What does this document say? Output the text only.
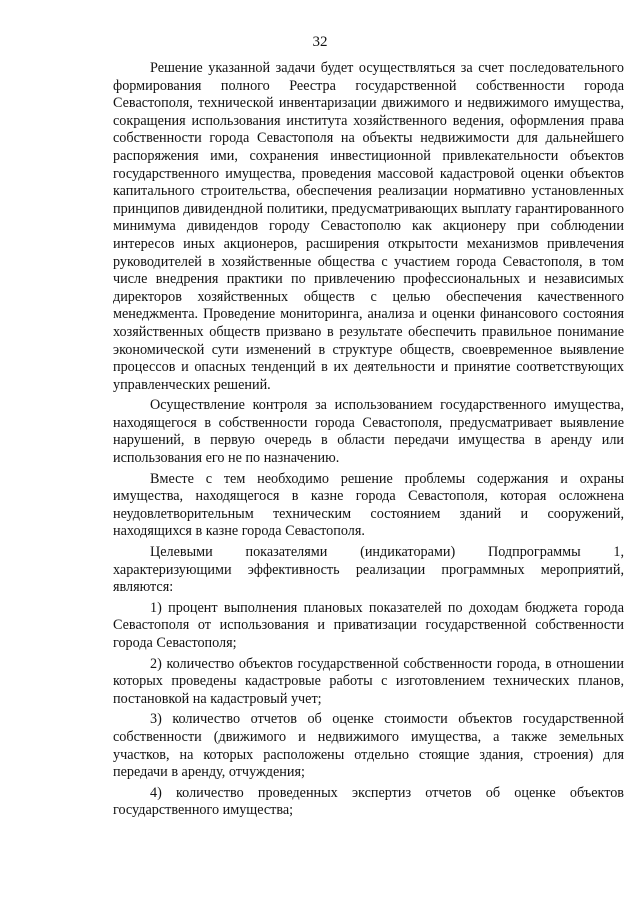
32

Решение указанной задачи будет осуществляться за счет последовательного формирования полного Реестра государственной собственности города Севастополя, технической инвентаризации движимого и недвижимого имущества, сокращения использования института хозяйственного ведения, оформления права собственности города Севастополя на объекты недвижимости для дальнейшего распоряжения ими, сохранения инвестиционной привлекательности объектов государственного имущества, проведения массовой кадастровой оценки объектов капитального строительства, обеспечения реализации нормативно установленных принципов дивидендной политики, предусматривающих выплату гарантированного минимума дивидендов городу Севастополю как акционеру при соблюдении интересов иных акционеров, расширения открытости механизмов привлечения руководителей в хозяйственные общества с участием города Севастополя, в том числе внедрения практики по привлечению профессиональных и независимых директоров хозяйственных обществ с целью обеспечения качественного менеджмента. Проведение мониторинга, анализа и оценки финансового состояния хозяйственных обществ призвано в результате обеспечить правильное понимание экономической сути изменений в структуре обществ, своевременное выявление процессов и опасных тенденций в их деятельности и принятие соответствующих управленческих решений.

Осуществление контроля за использованием государственного имущества, находящегося в собственности города Севастополя, предусматривает выявление нарушений, в первую очередь в области передачи имущества в аренду или использования его не по назначению.

Вместе с тем необходимо решение проблемы содержания и охраны имущества, находящегося в казне города Севастополя, которая осложнена неудовлетворительным техническим состоянием зданий и сооружений, находящихся в казне города Севастополя.

Целевыми показателями (индикаторами) Подпрограммы 1, характеризующими эффективность реализации программных мероприятий, являются:

1) процент выполнения плановых показателей по доходам бюджета города Севастополя от использования и приватизации государственной собственности города Севастополя;

2) количество объектов государственной собственности города, в отношении которых проведены кадастровые работы с изготовлением технических планов, постановкой на кадастровый учет;

3) количество отчетов об оценке стоимости объектов государственной собственности (движимого и недвижимого имущества, а также земельных участков, на которых расположены отдельно стоящие здания, строения) для передачи в аренду, отчуждения;

4) количество проведенных экспертиз отчетов об оценке объектов государственного имущества;
